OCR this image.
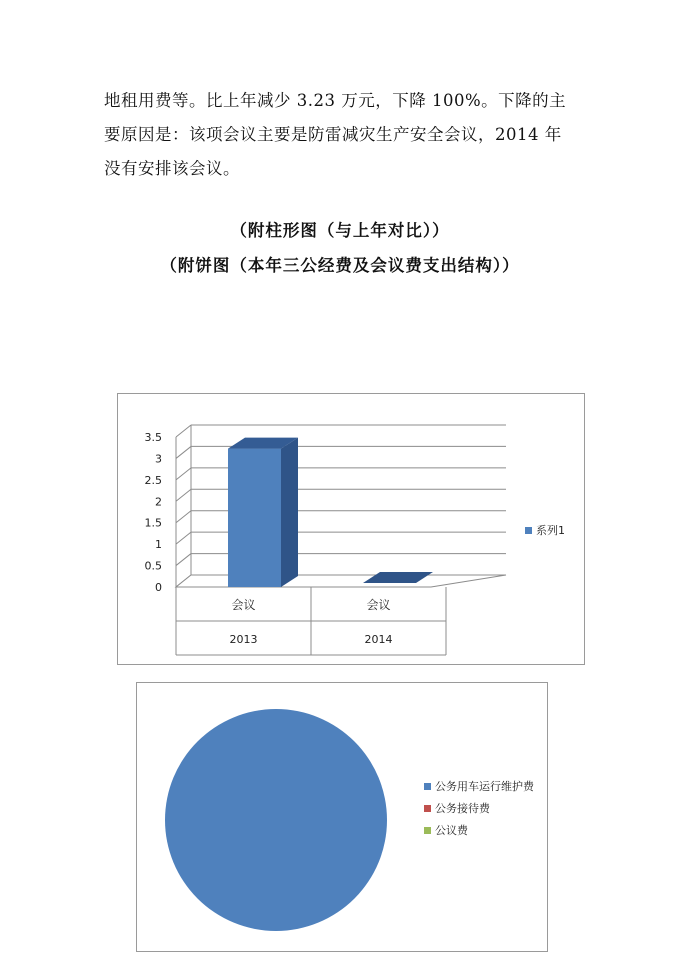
地租用费等。比上年减少 3.23 万元，下降 100%。下降的主

要原因是：该项会议主要是防雷减灾生产安全会议，2014 年

没有安排该会议。

（附柱形图（与上年对比））
（附饼图（本年三公经费及会议费支出结构））
0
0.5
1
1.5
2
2.5
3
3.5
会议
2013
会议
2014
系列1
公务用车运行维护费
公务接待费
公议费
